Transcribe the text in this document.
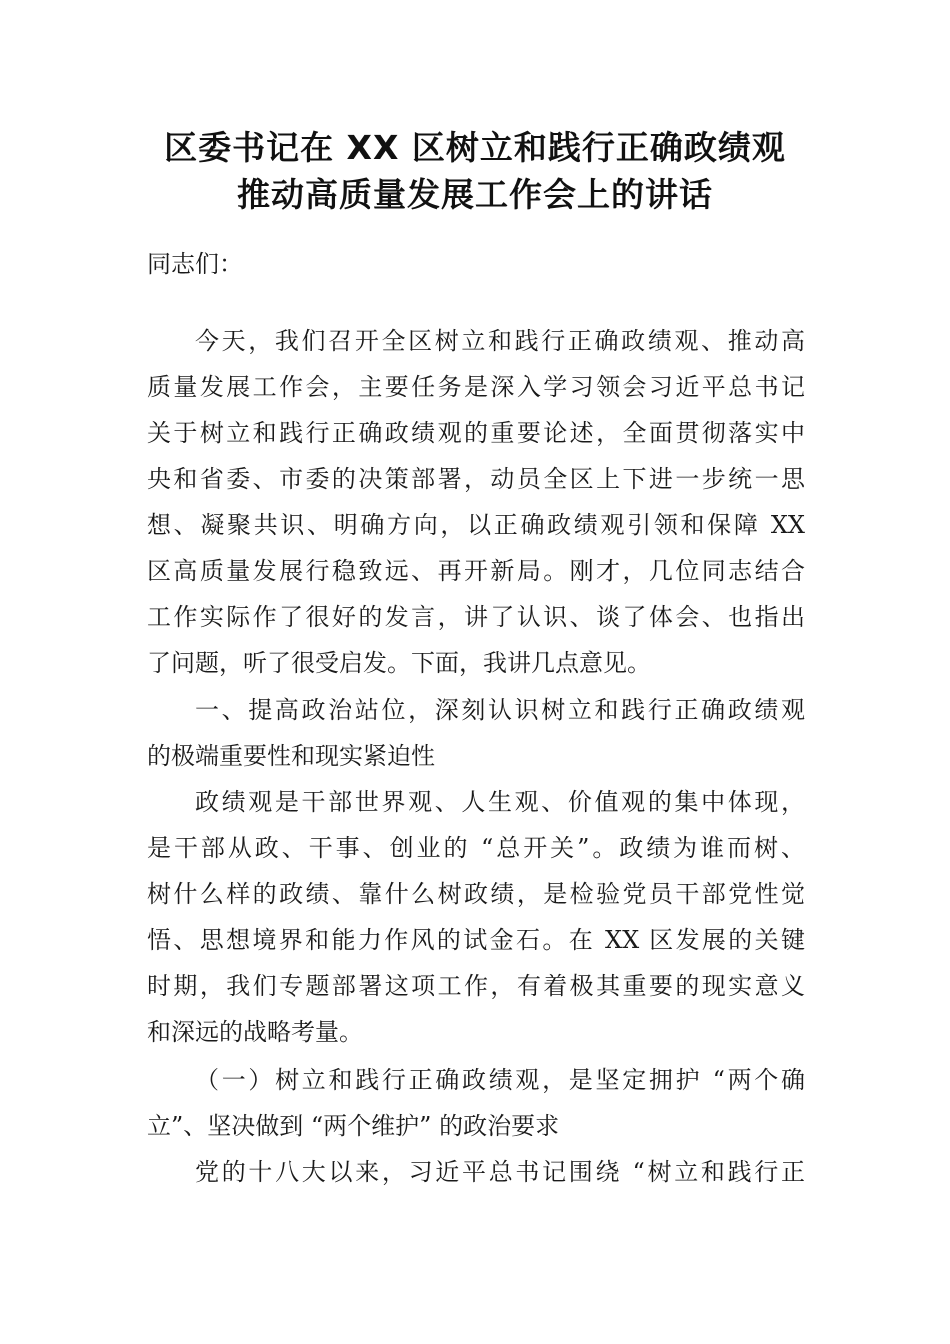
区委书记在 XX 区树立和践行正确政绩观
推动高质量发展工作会上的讲话
同志们：
今天，我们召开全区树立和践行正确政绩观、推动高
质量发展工作会，主要任务是深入学习领会习近平总书记
关于树立和践行正确政绩观的重要论述，全面贯彻落实中
央和省委、市委的决策部署，动员全区上下进一步统一思
想、凝聚共识、明确方向，以正确政绩观引领和保障 XX
区高质量发展行稳致远、再开新局。刚才，几位同志结合
工作实际作了很好的发言，讲了认识、谈了体会、也指出
了问题，听了很受启发。下面，我讲几点意见。
一、提高政治站位，深刻认识树立和践行正确政绩观
的极端重要性和现实紧迫性
政绩观是干部世界观、人生观、价值观的集中体现，
是干部从政、干事、创业的 “总开关”。政绩为谁而树、
树什么样的政绩、靠什么树政绩，是检验党员干部党性觉
悟、思想境界和能力作风的试金石。在 XX 区发展的关键
时期，我们专题部署这项工作，有着极其重要的现实意义
和深远的战略考量。
（一）树立和践行正确政绩观，是坚定拥护 “两个确
立”、坚决做到 “两个维护” 的政治要求
党的十八大以来，习近平总书记围绕 “树立和践行正
